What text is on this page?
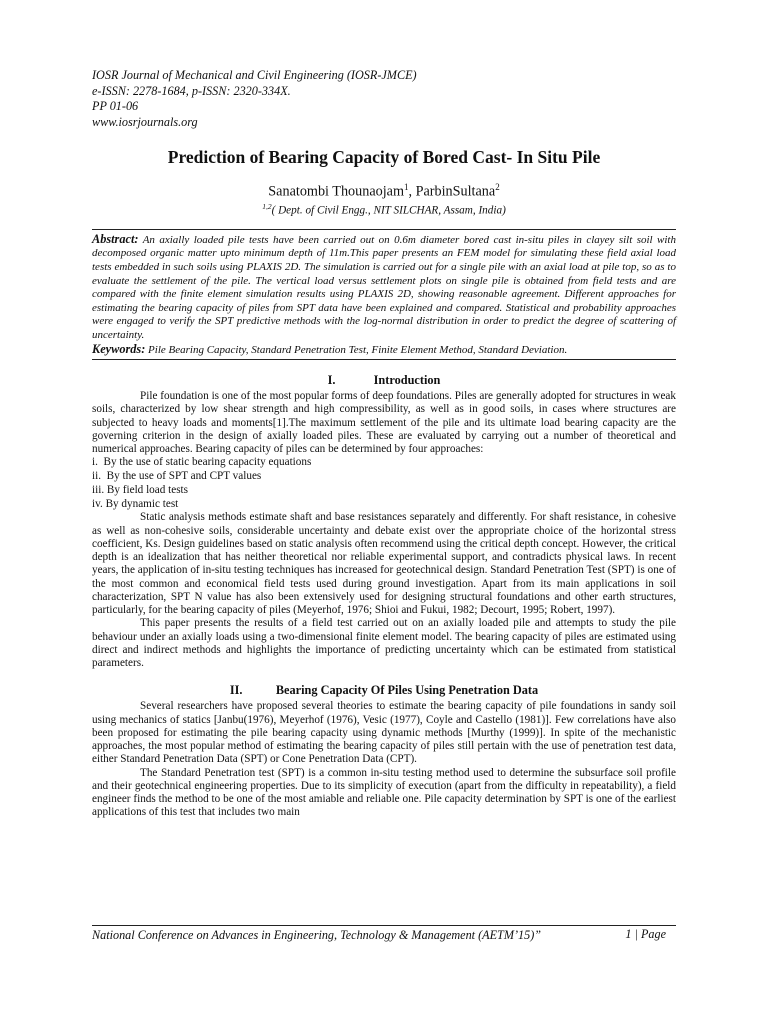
IOSR Journal of Mechanical and Civil Engineering (IOSR-JMCE)
e-ISSN: 2278-1684, p-ISSN: 2320-334X.
PP 01-06
www.iosrjournals.org
Prediction of Bearing Capacity of Bored Cast- In Situ Pile
Sanatombi Thounaojam$^1$, ParbinSultana$^2$
$^{1,2}$( Dept. of Civil Engg., NIT SILCHAR, Assam, India)

Abstract: An axially loaded pile tests have been carried out on 0.6m diameter bored cast in-situ piles in clayey silt soil with decomposed organic matter upto minimum depth of 11m.This paper presents an FEM model for simulating these field axial load tests embedded in such soils using PLAXIS 2D. The simulation is carried out for a single pile with an axial load at pile top, so as to evaluate the settlement of the pile. The vertical load versus settlement plots on single pile is obtained from field tests and are compared with the finite element simulation results using PLAXIS 2D, showing reasonable agreement. Different approaches for estimating the bearing capacity of piles from SPT data have been explained and compared. Statistical and probability approaches were engaged to verify the SPT predictive methods with the log-normal distribution in order to predict the degree of scattering of uncertainty.

Keywords: Pile Bearing Capacity, Standard Penetration Test, Finite Element Method, Standard Deviation.

I.	Introduction

Pile foundation is one of the most popular forms of deep foundations. Piles are generally adopted for structures in weak soils, characterized by low shear strength and high compressibility, as well as in good soils, in cases where structures are subjected to heavy loads and moments[1].The maximum settlement of the pile and its ultimate load bearing capacity are the governing criterion in the design of axially loaded piles. These are evaluated by carrying out a number of theoretical and numerical approaches. Bearing capacity of piles can be determined by four approaches:

i.  By the use of static bearing capacity equations
ii.  By the use of SPT and CPT values
iii. By field load tests
iv. By dynamic test

Static analysis methods estimate shaft and base resistances separately and differently. For shaft resistance, in cohesive as well as non-cohesive soils, considerable uncertainty and debate exist over the appropriate choice of the horizontal stress coefficient, Ks. Design guidelines based on static analysis often recommend using the critical depth concept. However, the critical depth is an idealization that has neither theoretical nor reliable experimental support, and contradicts physical laws. In recent years, the application of in-situ testing techniques has increased for geotechnical design. Standard Penetration Test (SPT) is one of the most common and economical field tests used during ground investigation. Apart from its main applications in soil characterization, SPT N value has also been extensively used for designing structural foundations and other earth structures, particularly, for the bearing capacity of piles (Meyerhof, 1976; Shioi and Fukui, 1982; Decourt, 1995; Robert, 1997).

This paper presents the results of a field test carried out on an axially loaded pile and attempts to study the pile behaviour under an axially loads using a two-dimensional finite element model. The bearing capacity of piles are estimated using direct and indirect methods and highlights the importance of predicting uncertainty which can be estimated from statistical parameters.

II.	Bearing Capacity Of Piles Using Penetration Data

Several researchers have proposed several theories to estimate the bearing capacity of pile foundations in sandy soil using mechanics of statics [Janbu(1976), Meyerhof (1976), Vesic (1977), Coyle and Castello (1981)]. Few correlations have also been proposed for estimating the pile bearing capacity using dynamic methods [Murthy (1999)]. In spite of the mechanistic approaches, the most popular method of estimating the bearing capacity of piles still pertain with the use of penetration test data, either Standard Penetration Data (SPT) or Cone Penetration Data (CPT).

The Standard Penetration test (SPT) is a common in-situ testing method used to determine the subsurface soil profile and their geotechnical engineering properties. Due to its simplicity of execution (apart from the difficulty in repeatability), a field engineer finds the method to be one of the most amiable and reliable one. Pile capacity determination by SPT is one of the earliest applications of this test that includes two main

National Conference on Advances in Engineering, Technology & Management (AETM’15)”	1 | Page
